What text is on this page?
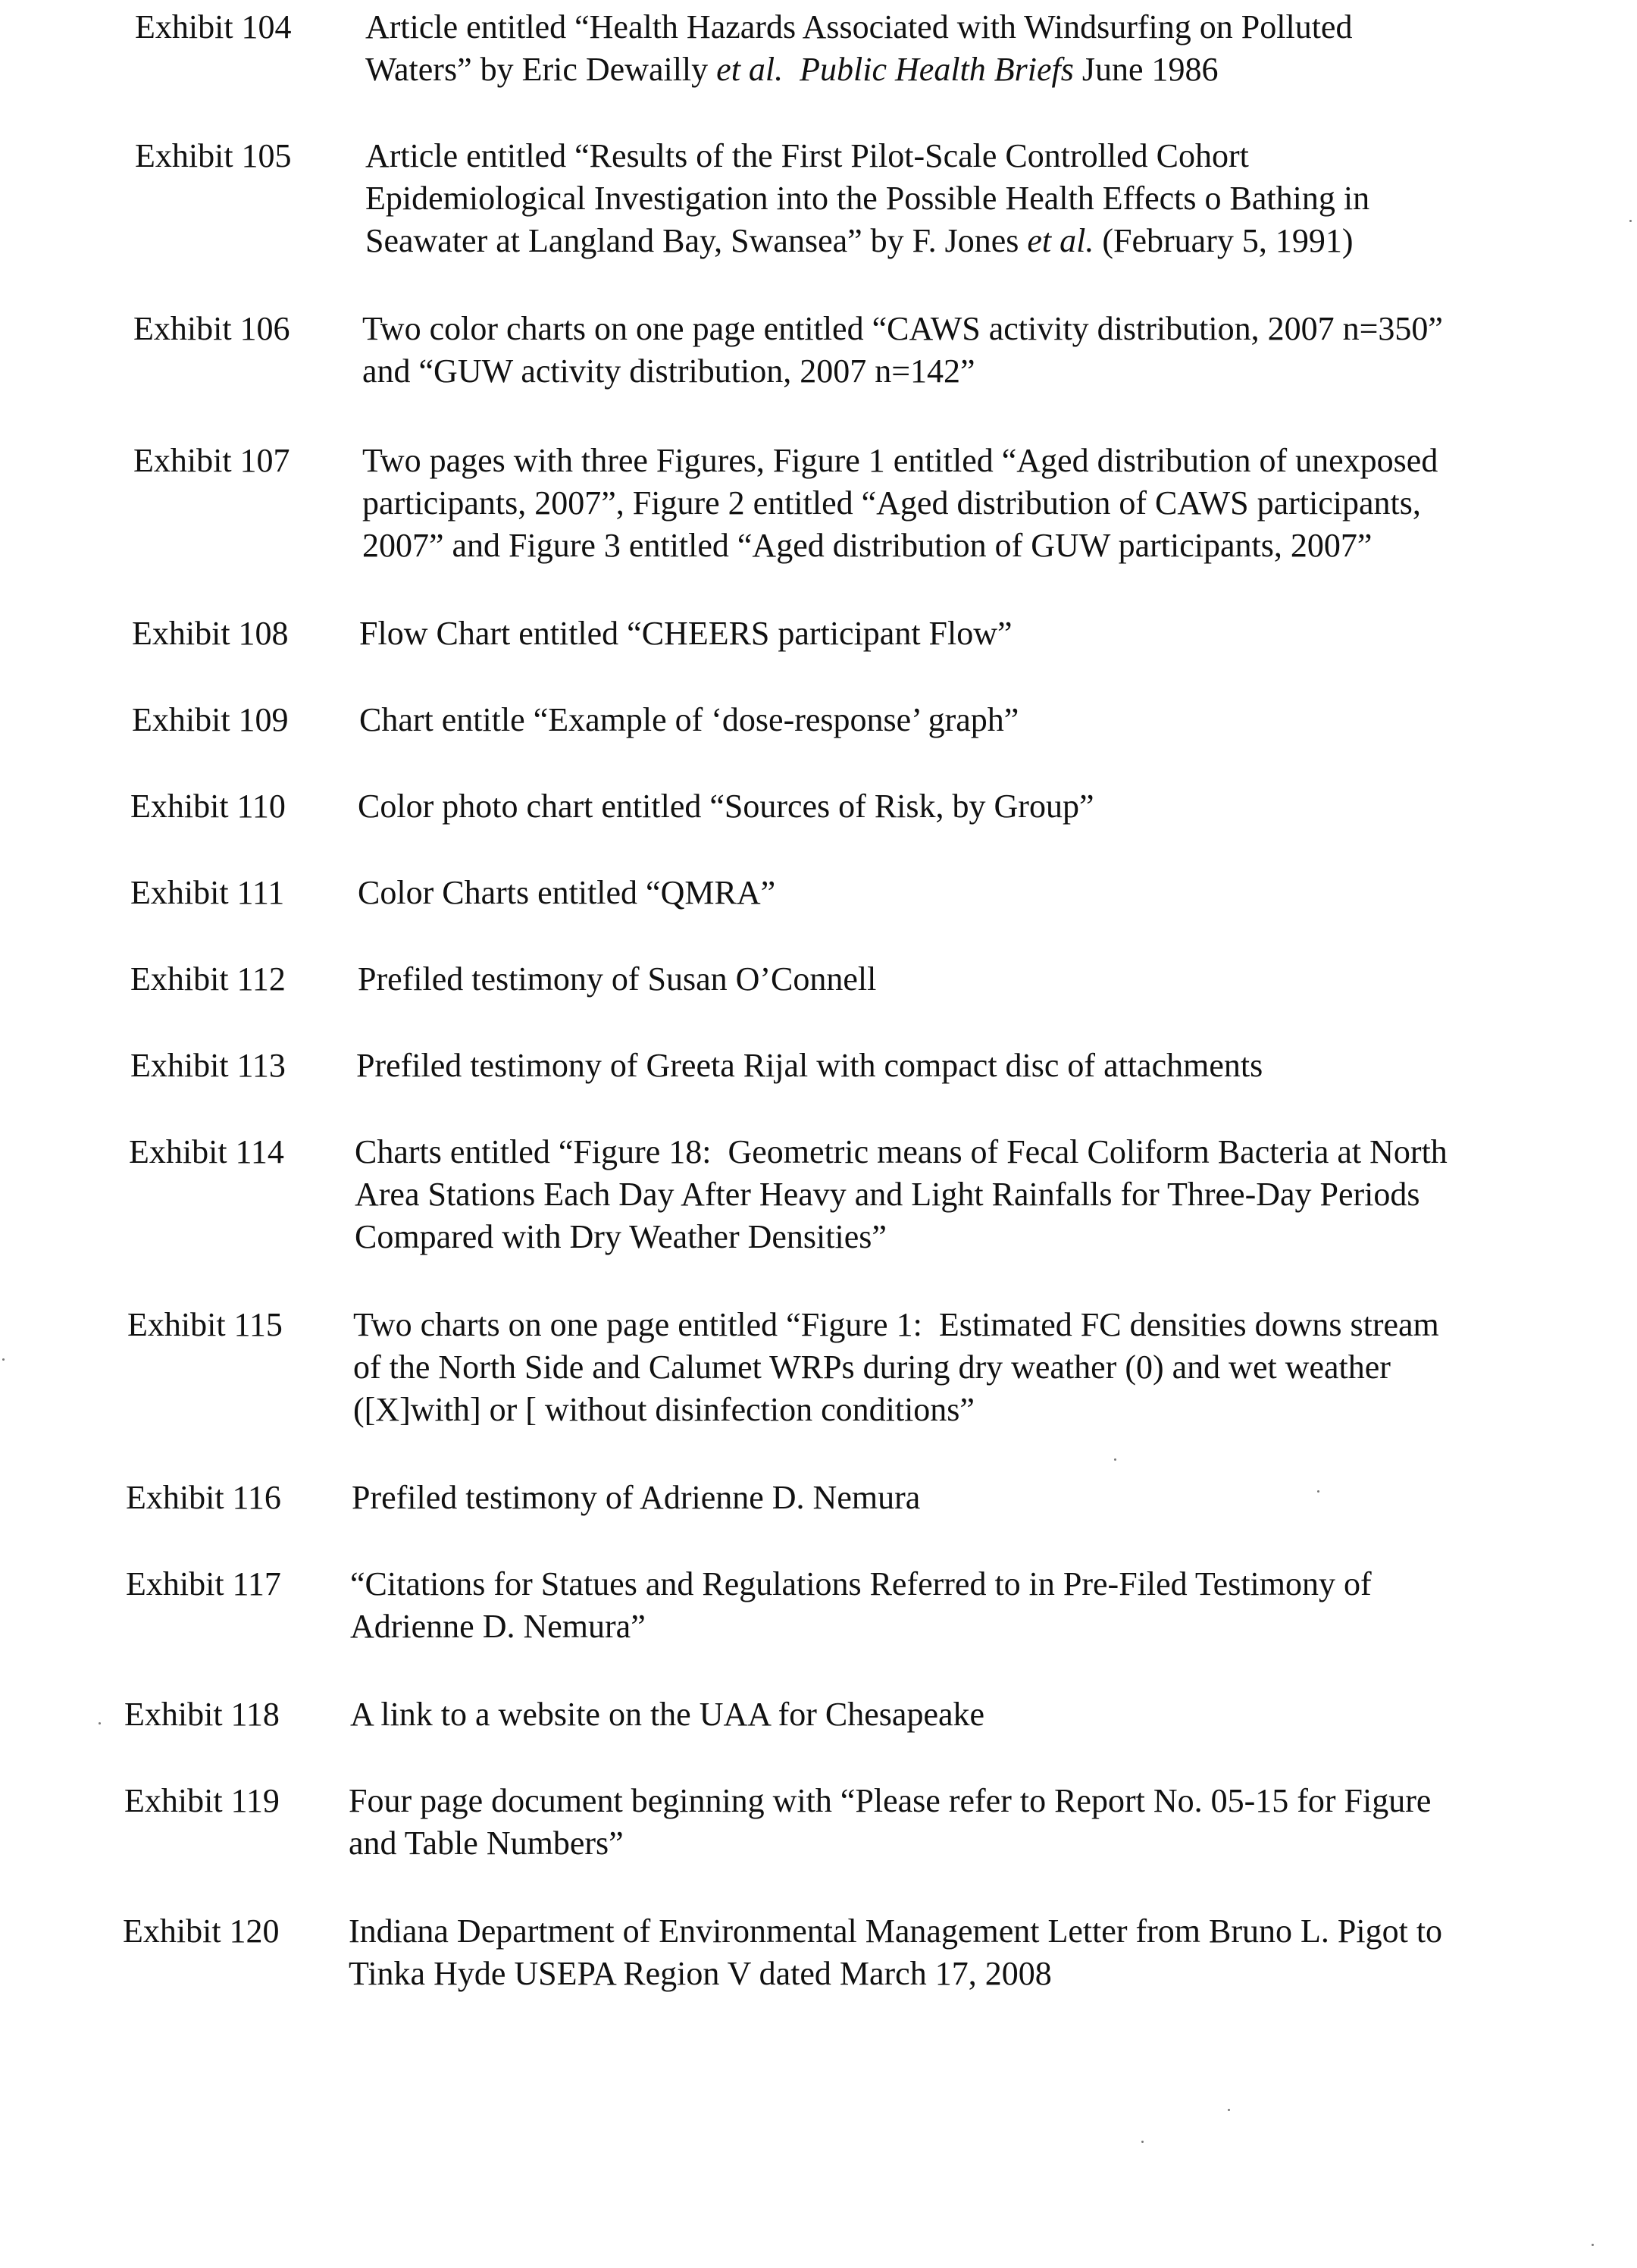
Exhibit 104 Article entitled “Health Hazards Associated with Windsurfing on Polluted
Waters” by Eric Dewailly et al. Public Health Briefs June 1986
Exhibit 105 Article entitled “Results of the First Pilot-Scale Controlled Cohort
Epidemiological Investigation into the Possible Health Effects o Bathing in
Seawater at Langland Bay, Swansea” by F. Jones et al. (February 5, 1991)
Exhibit 106 Two color charts on one page entitled “CAWS activity distribution, 2007 n=350”
and “GUW activity distribution, 2007 n=142”
Exhibit 107 Two pages with three Figures, Figure 1 entitled “Aged distribution of unexposed
participants, 2007”, Figure 2 entitled “Aged distribution of CAWS participants,
2007” and Figure 3 entitled “Aged distribution of GUW participants, 2007”
Exhibit 108 Flow Chart entitled “CHEERS participant Flow”
Exhibit 109 Chart entitle “Example of ‘dose-response’ graph”
Exhibit 110 Color photo chart entitled “Sources of Risk, by Group”
Exhibit 111 Color Charts entitled “QMRA”
Exhibit 112 Prefiled testimony of Susan O’Connell
Exhibit 113 Prefiled testimony of Greeta Rijal with compact disc of attachments
Exhibit 114 Charts entitled “Figure 18:  Geometric means of Fecal Coliform Bacteria at North
Area Stations Each Day After Heavy and Light Rainfalls for Three-Day Periods
Compared with Dry Weather Densities”
Exhibit 115 Two charts on one page entitled “Figure 1:  Estimated FC densities downs stream
of the North Side and Calumet WRPs during dry weather (0) and wet weather
([X]with] or [ without disinfection conditions”
Exhibit 116 Prefiled testimony of Adrienne D. Nemura
Exhibit 117 “Citations for Statues and Regulations Referred to in Pre-Filed Testimony of
Adrienne D. Nemura”
Exhibit 118 A link to a website on the UAA for Chesapeake
Exhibit 119 Four page document beginning with “Please refer to Report No. 05-15 for Figure
and Table Numbers”
Exhibit 120 Indiana Department of Environmental Management Letter from Bruno L. Pigot to
Tinka Hyde USEPA Region V dated March 17, 2008
